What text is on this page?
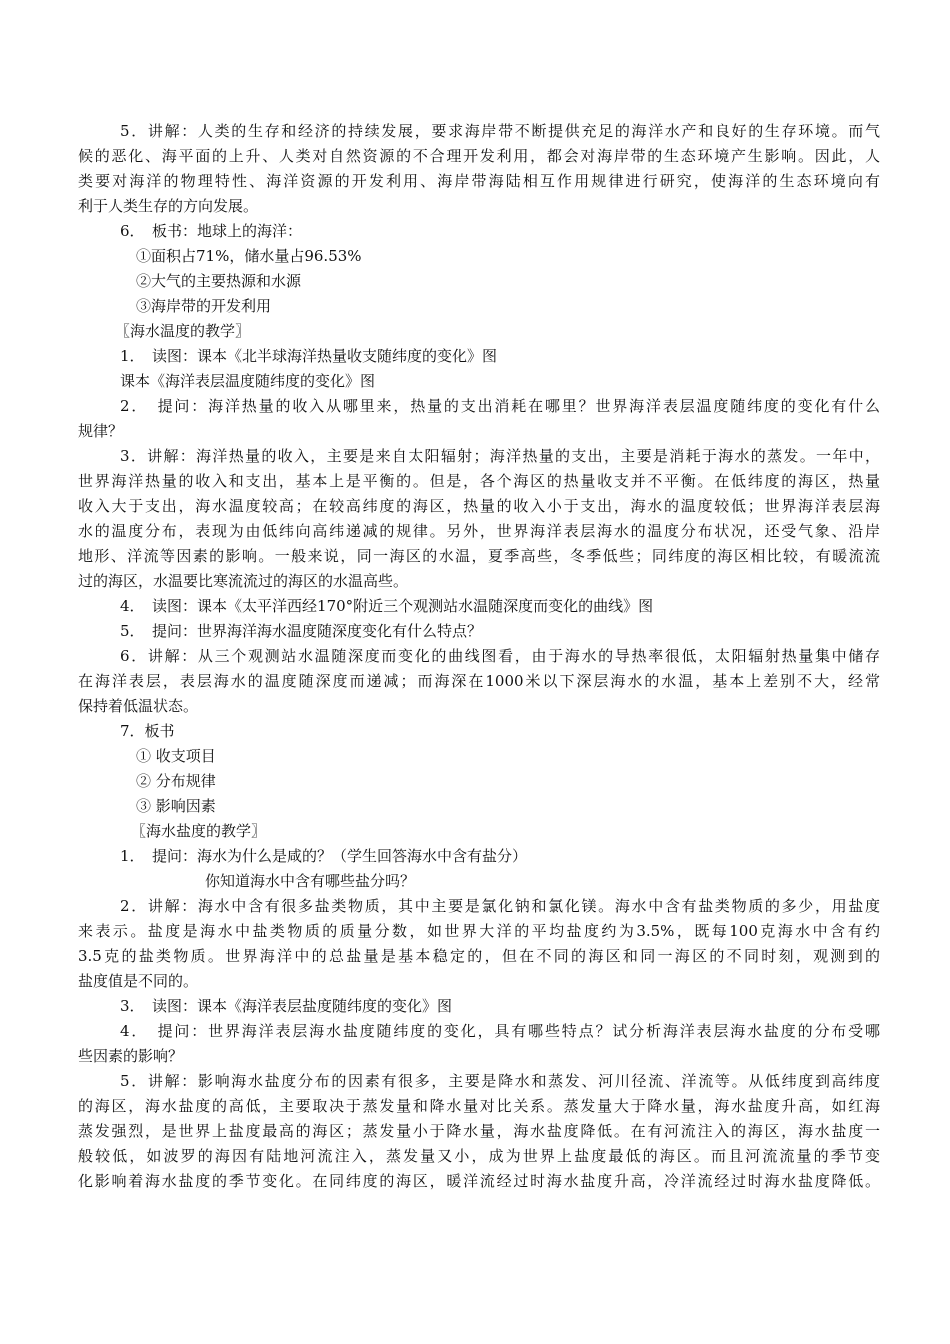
5．讲解：人类的生存和经济的持续发展，要求海岸带不断提供充足的海洋水产和良好的生存环境。而气

候的恶化、海平面的上升、人类对自然资源的不合理开发利用，都会对海岸带的生态环境产生影响。因此，人

类要对海洋的物理特性、海洋资源的开发利用、海岸带海陆相互作用规律进行研究，使海洋的生态环境向有

利于人类生存的方向发展。

6．　板书：地球上的海洋：

①面积占71%，储水量占96.53%

②大气的主要热源和水源

③海岸带的开发利用

〖海水温度的教学〗

1．　读图：课本《北半球海洋热量收支随纬度的变化》图

课本《海洋表层温度随纬度的变化》图

2．　提问：海洋热量的收入从哪里来，热量的支出消耗在哪里？世界海洋表层温度随纬度的变化有什么

规律？

3．讲解：海洋热量的收入，主要是来自太阳辐射；海洋热量的支出，主要是消耗于海水的蒸发。一年中，

世界海洋热量的收入和支出，基本上是平衡的。但是，各个海区的热量收支并不平衡。在低纬度的海区，热量

收入大于支出，海水温度较高；在较高纬度的海区，热量的收入小于支出，海水的温度较低；世界海洋表层海

水的温度分布，表现为由低纬向高纬递减的规律。另外，世界海洋表层海水的温度分布状况，还受气象、沿岸

地形、洋流等因素的影响。一般来说，同一海区的水温，夏季高些，冬季低些；同纬度的海区相比较，有暖流流

过的海区，水温要比寒流流过的海区的水温高些。

4．　读图：课本《太平洋西经170°附近三个观测站水温随深度而变化的曲线》图

5．　提问：世界海洋海水温度随深度变化有什么特点？

6．讲解：从三个观测站水温随深度而变化的曲线图看，由于海水的导热率很低，太阳辐射热量集中储存

在海洋表层，表层海水的温度随深度而递减；而海深在1000米以下深层海水的水温，基本上差别不大，经常

保持着低温状态。

7．板书

① 收支项目

② 分布规律

③ 影响因素

〖海水盐度的教学〗

1．　提问：海水为什么是咸的？（学生回答海水中含有盐分）

你知道海水中含有哪些盐分吗？

2．讲解：海水中含有很多盐类物质，其中主要是氯化钠和氯化镁。海水中含有盐类物质的多少，用盐度

来表示。盐度是海水中盐类物质的质量分数，如世界大洋的平均盐度约为3.5%，既每100克海水中含有约

3.5克的盐类物质。世界海洋中的总盐量是基本稳定的，但在不同的海区和同一海区的不同时刻，观测到的

盐度值是不同的。

3．　读图：课本《海洋表层盐度随纬度的变化》图

4．　提问：世界海洋表层海水盐度随纬度的变化，具有哪些特点？试分析海洋表层海水盐度的分布受哪

些因素的影响？

5．讲解：影响海水盐度分布的因素有很多，主要是降水和蒸发、河川径流、洋流等。从低纬度到高纬度

的海区，海水盐度的高低，主要取决于蒸发量和降水量对比关系。蒸发量大于降水量，海水盐度升高，如红海

蒸发强烈，是世界上盐度最高的海区；蒸发量小于降水量，海水盐度降低。在有河流注入的海区，海水盐度一

般较低，如波罗的海因有陆地河流注入，蒸发量又小，成为世界上盐度最低的海区。而且河流流量的季节变

化影响着海水盐度的季节变化。在同纬度的海区，暖洋流经过时海水盐度升高，冷洋流经过时海水盐度降低。
